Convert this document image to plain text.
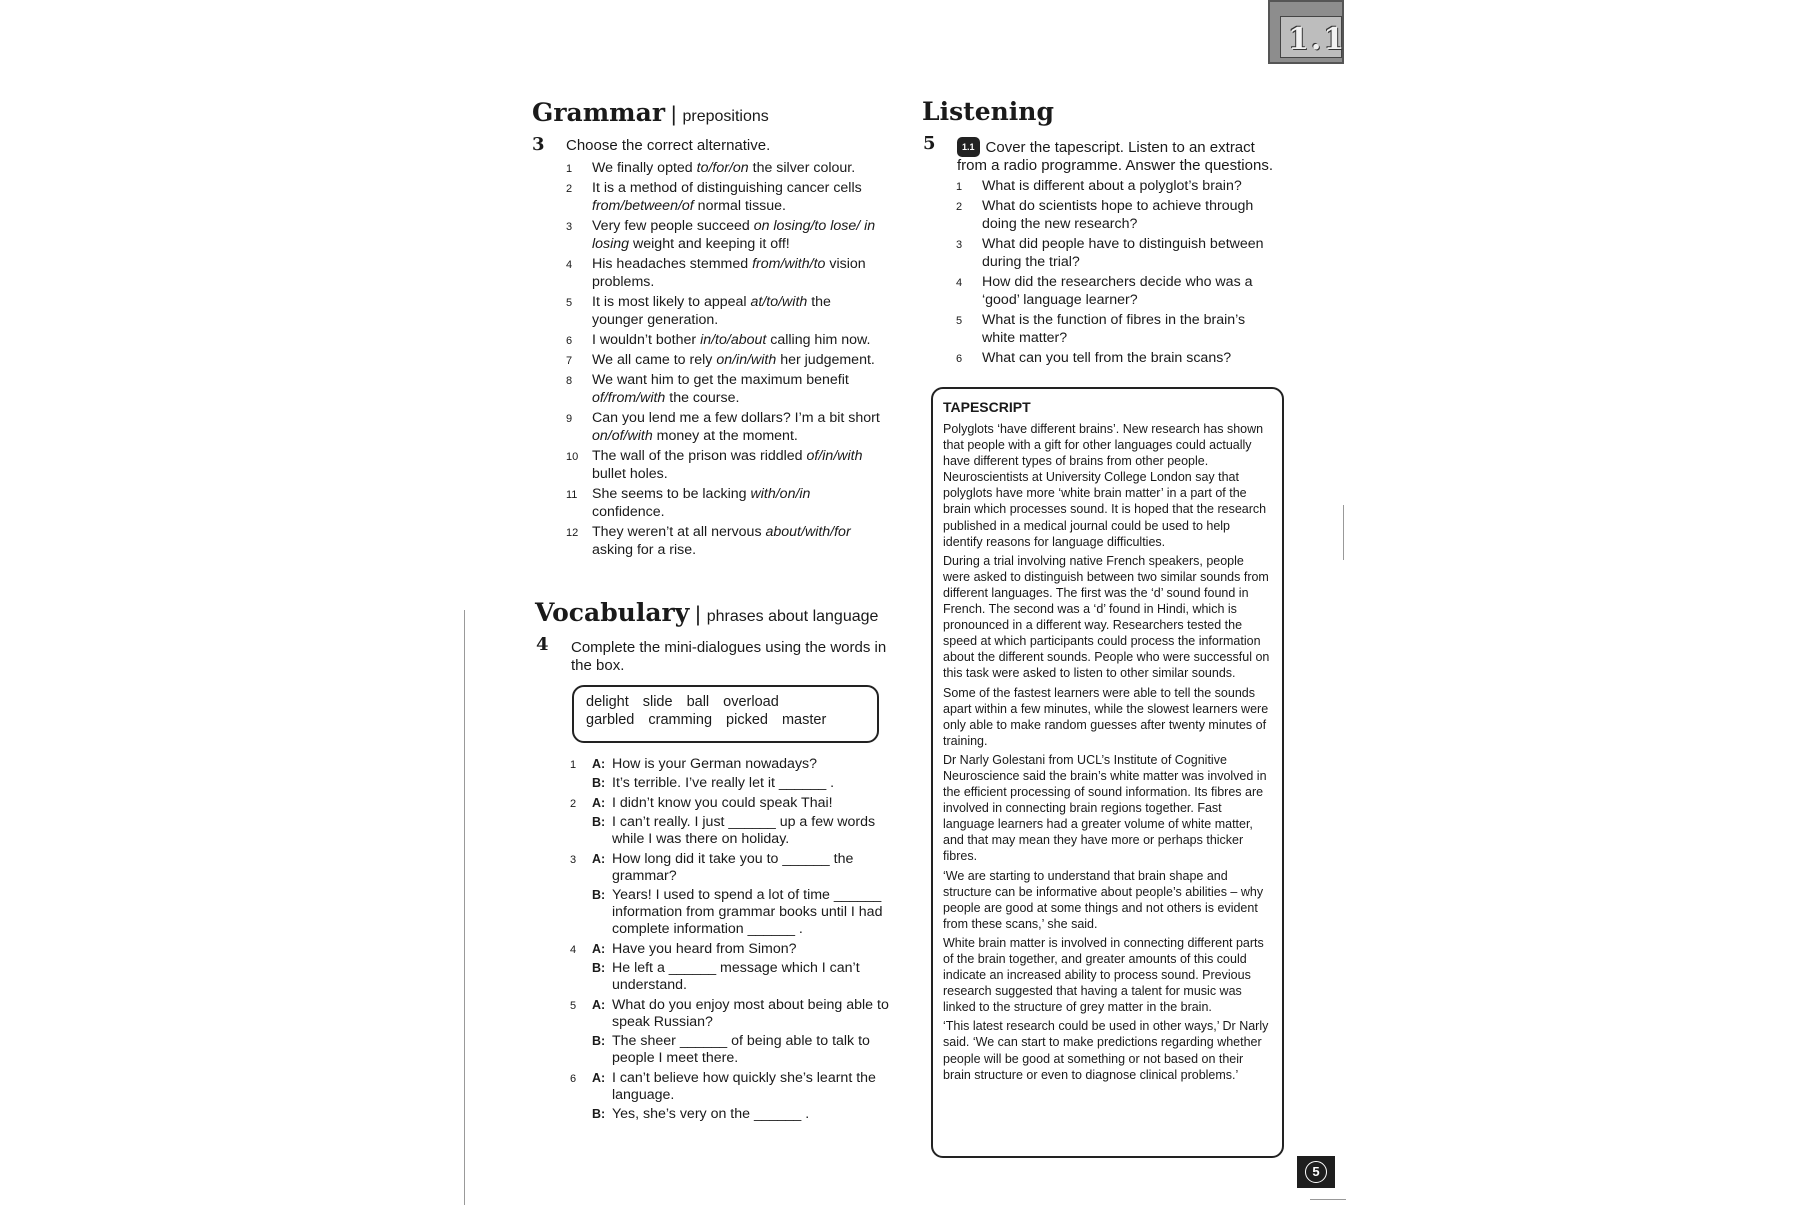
1.1
Grammar | prepositions
3 Choose the correct alternative.

1	We finally opted to/for/on the silver colour.
2	It is a method of distinguishing cancer cells from/between/of normal tissue.
3	Very few people succeed on losing/to lose/ in losing weight and keeping it off!
4	His headaches stemmed from/with/to vision problems.
5	It is most likely to appeal at/to/with the younger generation.
6	I wouldn’t bother in/to/about calling him now.
7	We all came to rely on/in/with her judgement.
8	We want him to get the maximum benefit of/from/with the course.
9	Can you lend me a few dollars? I’m a bit short on/of/with money at the moment.
10 The wall of the prison was riddled of/in/with bullet holes.
11	She seems to be lacking with/on/in confidence.
12 They weren’t at all nervous about/with/for asking for a rise.
Vocabulary | phrases about language
4 Complete the mini-dialogues using the words in the box.

delight slide ball overload
garbled cramming picked master
1 A: How is your German nowadays?
B: It’s terrible. I’ve really let it ______ .
2 A: I didn’t know you could speak Thai!
B: I can’t really. I just ______ up a few words while I was there on holiday.
3 A: How long did it take you to ______ the grammar?
B: Years! I used to spend a lot of time ______ information from grammar books until I had complete information ______ .
4 A: Have you heard from Simon?
B: He left a ______ message which I can’t understand.
5 A: What do you enjoy most about being able to speak Russian?
B: The sheer ______ of being able to talk to people I meet there.
6 A: I can’t believe how quickly she’s learnt the language.
B: Yes, she’s very on the ______ .
Listening
5	1.1 Cover the tapescript. Listen to an extract from a radio programme. Answer the questions.

1	What is different about a polyglot’s brain?
2	What do scientists hope to achieve through doing the new research?
3	What did people have to distinguish between during the trial?
4	How did the researchers decide who was a ‘good’ language learner?
5	What is the function of fibres in the brain’s white matter?
6	What can you tell from the brain scans?
TAPESCRIPT

Polyglots ‘have different brains’. New research has shown that people with a gift for other languages could actually have different types of brains from other people. Neuroscientists at University College London say that polyglots have more ‘white brain matter’ in a part of the brain which processes sound. It is hoped that the research published in a medical journal could be used to help identify reasons for language difficulties.

During a trial involving native French speakers, people were asked to distinguish between two similar sounds from different languages. The first was the ‘d’ sound found in French. The second was a ‘d’ found in Hindi, which is pronounced in a different way. Researchers tested the speed at which participants could process the information about the different sounds. People who were successful on this task were asked to listen to other similar sounds.

Some of the fastest learners were able to tell the sounds apart within a few minutes, while the slowest learners were only able to make random guesses after twenty minutes of training.

Dr Narly Golestani from UCL’s Institute of Cognitive Neuroscience said the brain’s white matter was involved in the efficient processing of sound information. Its fibres are involved in connecting brain regions together. Fast language learners had a greater volume of white matter, and that may mean they have more or perhaps thicker fibres.

‘We are starting to understand that brain shape and structure can be informative about people’s abilities – why people are good at some things and not others is evident from these scans,’ she said.

White brain matter is involved in connecting different parts of the brain together, and greater amounts of this could indicate an increased ability to process sound. Previous research suggested that having a talent for music was linked to the structure of grey matter in the brain.

‘This latest research could be used in other ways,’ Dr Narly said. ‘We can start to make predictions regarding whether people will be good at something or not based on their brain structure or even to diagnose clinical problems.’

5
